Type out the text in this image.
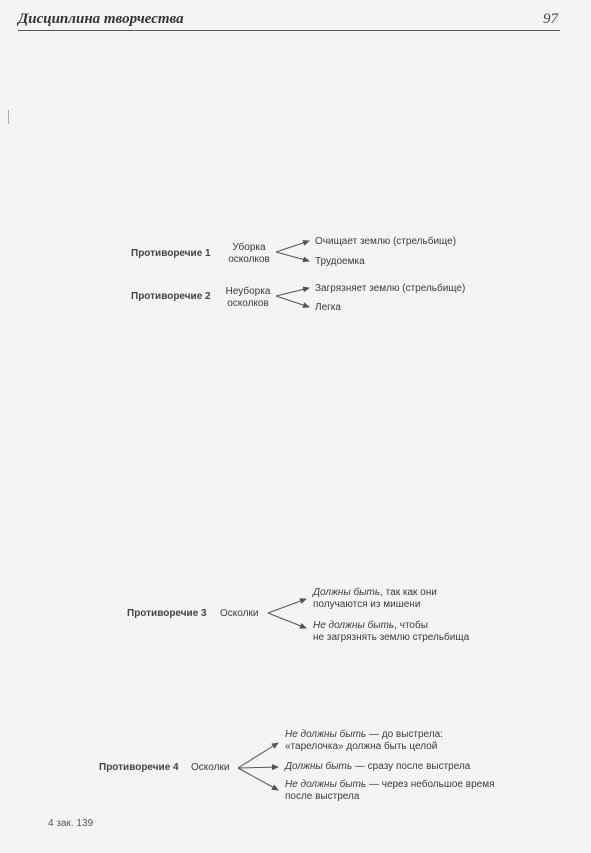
Дисциплина творчества	97
Противоречие 1
Уборка
осколков
Очищает землю (стрельбище)
Трудоемка
Противоречие 2	Неуборка
осколков
Загрязняет землю (стрельбище)
Легка
Противоречие 3 Осколки
Должны быть, так как они
получаются из мишени
Не должны быть, чтобы
не загрязнять землю стрельбища
Противоречие 4 Осколки
Не должны быть — до выстрела:
«тарелочка» должна быть целой
Должны быть — сразу после выстрела
Не должны быть — через небольшое время
после выстрела
4 зак. 139
